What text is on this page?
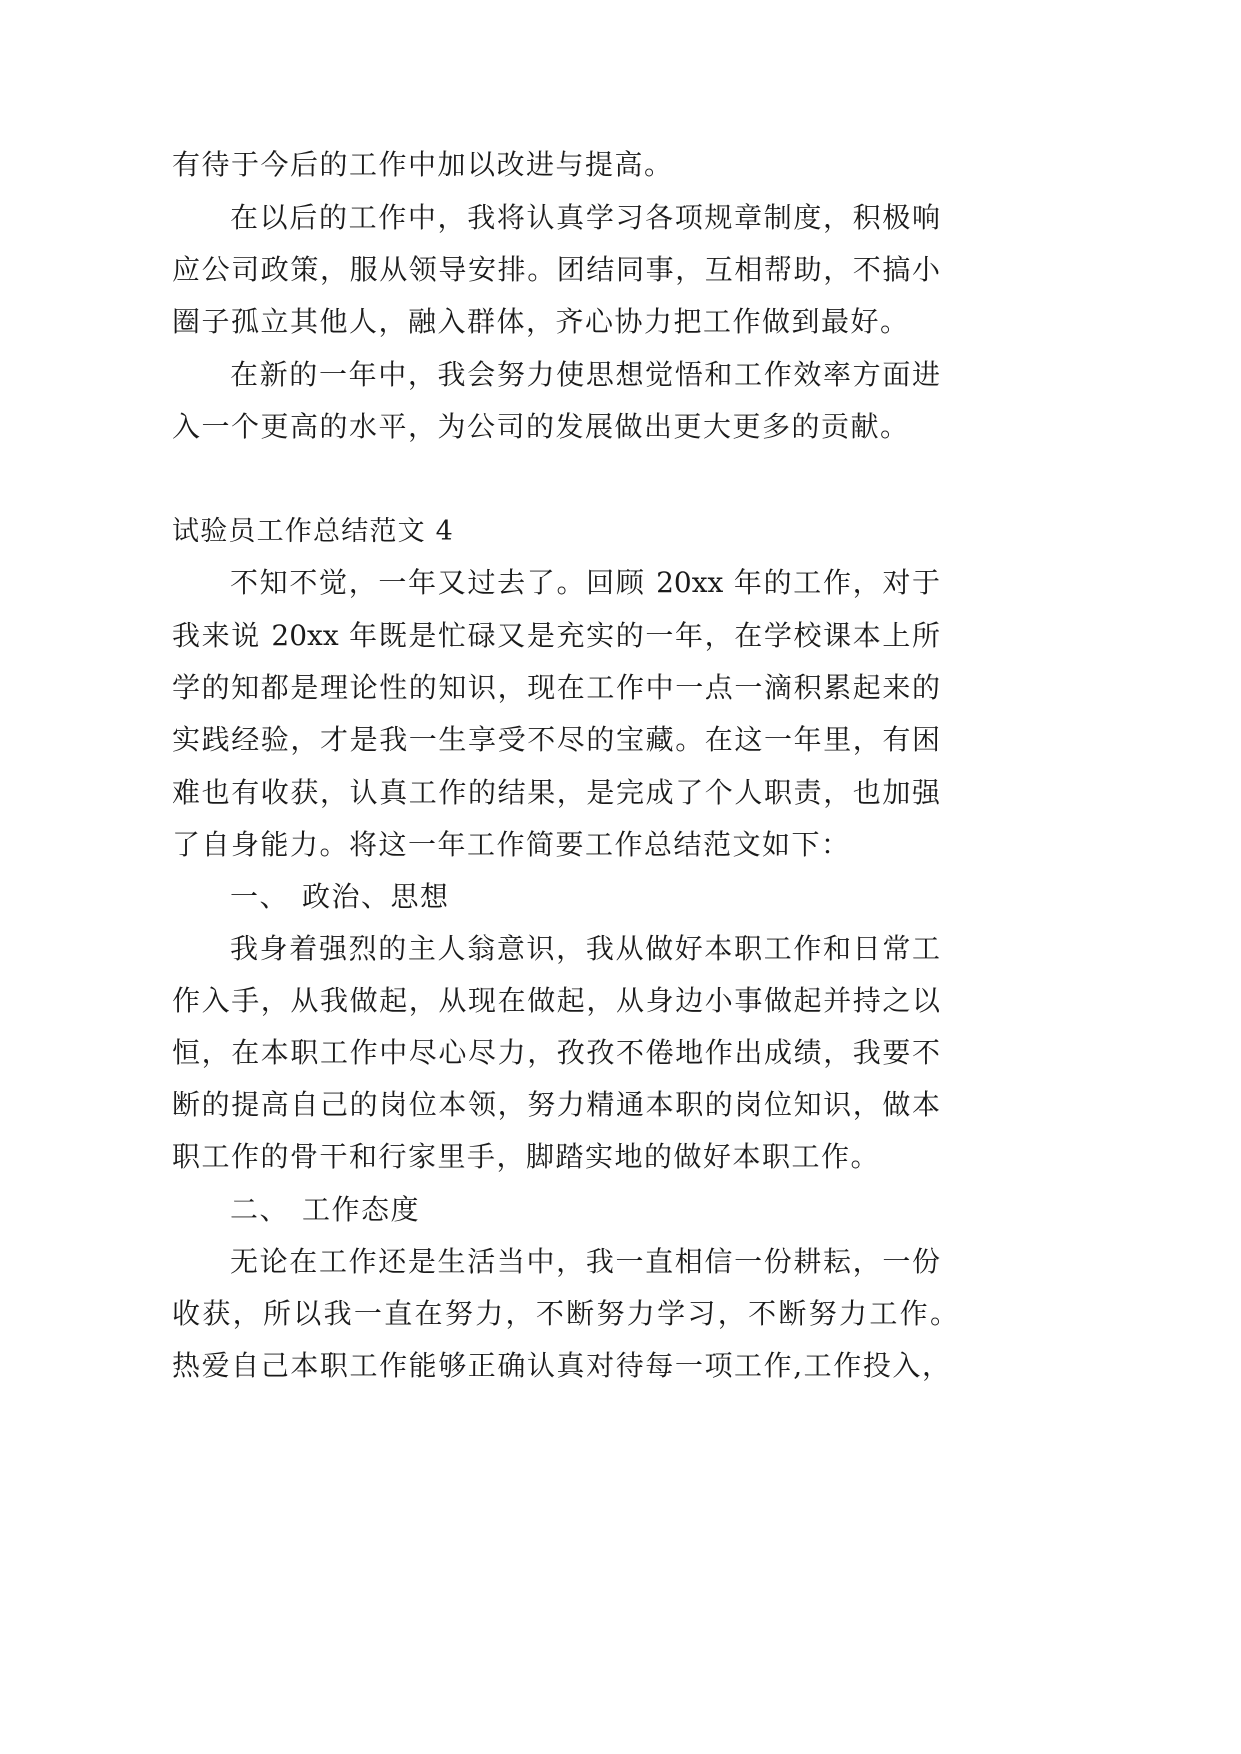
有待于今后的工作中加以改进与提高。
在以后的工作中，我将认真学习各项规章制度，积极响
应公司政策，服从领导安排。团结同事，互相帮助，不搞小
圈子孤立其他人，融入群体，齐心协力把工作做到最好。
在新的一年中，我会努力使思想觉悟和工作效率方面进
入一个更高的水平，为公司的发展做出更大更多的贡献。
试验员工作总结范文 4
不知不觉，一年又过去了。回顾 20xx 年的工作，对于
我来说 20xx 年既是忙碌又是充实的一年，在学校课本上所
学的知都是理论性的知识，现在工作中一点一滴积累起来的
实践经验，才是我一生享受不尽的宝藏。在这一年里，有困
难也有收获，认真工作的结果，是完成了个人职责，也加强
了自身能力。将这一年工作简要工作总结范文如下：
一、 政治、思想
我身着强烈的主人翁意识，我从做好本职工作和日常工
作入手，从我做起，从现在做起，从身边小事做起并持之以
恒，在本职工作中尽心尽力，孜孜不倦地作出成绩，我要不
断的提高自己的岗位本领，努力精通本职的岗位知识，做本
职工作的骨干和行家里手，脚踏实地的做好本职工作。
二、 工作态度
无论在工作还是生活当中，我一直相信一份耕耘，一份
收获，所以我一直在努力，不断努力学习，不断努力工作。
热爱自己本职工作能够正确认真对待每一项工作,工作投入，
